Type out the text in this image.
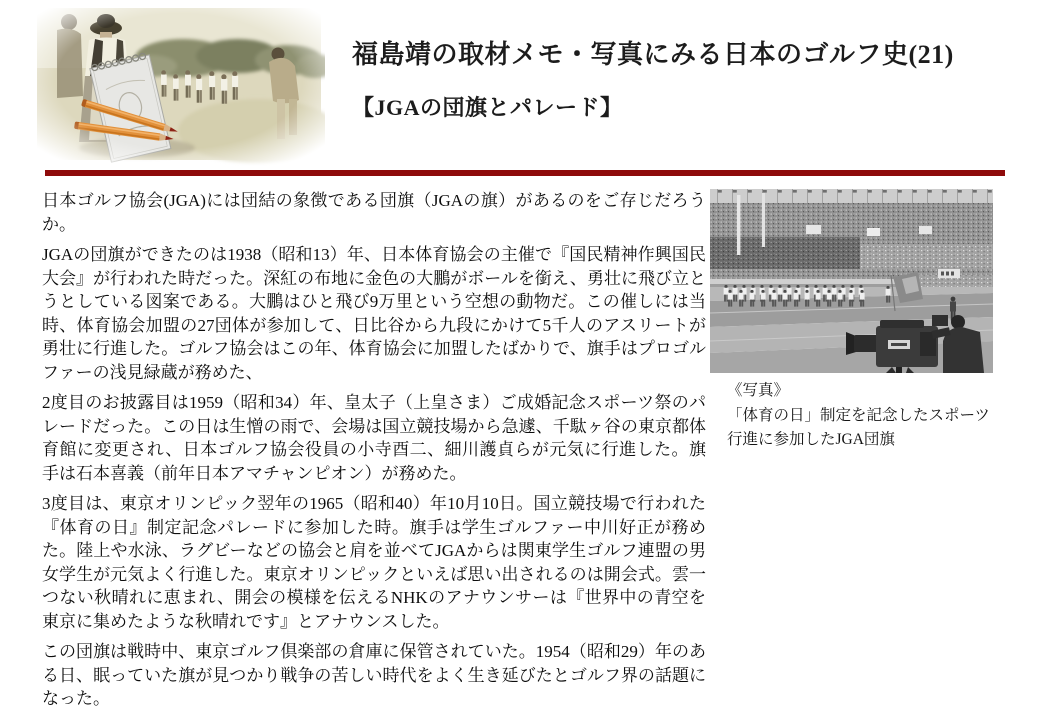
福島靖の取材メモ・写真にみる日本のゴルフ史(21)
【JGAの団旗とパレード】

日本ゴルフ協会(JGA)には団結の象徴である団旗（JGAの旗）があるのをご存じだろうか。

JGAの団旗ができたのは1938（昭和13）年、日本体育協会の主催で『国民精神作興国民大会』が行われた時だった。深紅の布地に金色の大鵬がボールを銜え、勇壮に飛び立とうとしている図案である。大鵬はひと飛び9万里という空想の動物だ。この催しには当時、体育協会加盟の27団体が参加して、日比谷から九段にかけて5千人のアスリートが勇壮に行進した。ゴルフ協会はこの年、体育協会に加盟したばかりで、旗手はプロゴルファーの浅見緑蔵が務めた、

2度目のお披露目は1959（昭和34）年、皇太子（上皇さま）ご成婚記念スポーツ祭のパレードだった。この日は生憎の雨で、会場は国立競技場から急遽、千駄ヶ谷の東京都体育館に変更され、日本ゴルフ協会役員の小寺酉二、細川護貞らが元気に行進した。旗手は石本喜義（前年日本アマチャンピオン）が務めた。

3度目は、東京オリンピック翌年の1965（昭和40）年10月10日。国立競技場で行われた『体育の日』制定記念パレードに参加した時。旗手は学生ゴルファー中川好正が務めた。陸上や水泳、ラグビーなどの協会と肩を並べてJGAからは関東学生ゴルフ連盟の男女学生が元気よく行進した。東京オリンピックといえば思い出されるのは開会式。雲一つない秋晴れに恵まれ、開会の模様を伝えるNHKのアナウンサーは『世界中の青空を東京に集めたような秋晴れです』とアナウンスした。

この団旗は戦時中、東京ゴルフ倶楽部の倉庫に保管されていた。1954（昭和29）年のある日、眠っていた旗が見つかり戦争の苦しい時代をよく生き延びたとゴルフ界の話題になった。

《写真》
「体育の日」制定を記念したスポーツ
行進に参加したJGA団旗
